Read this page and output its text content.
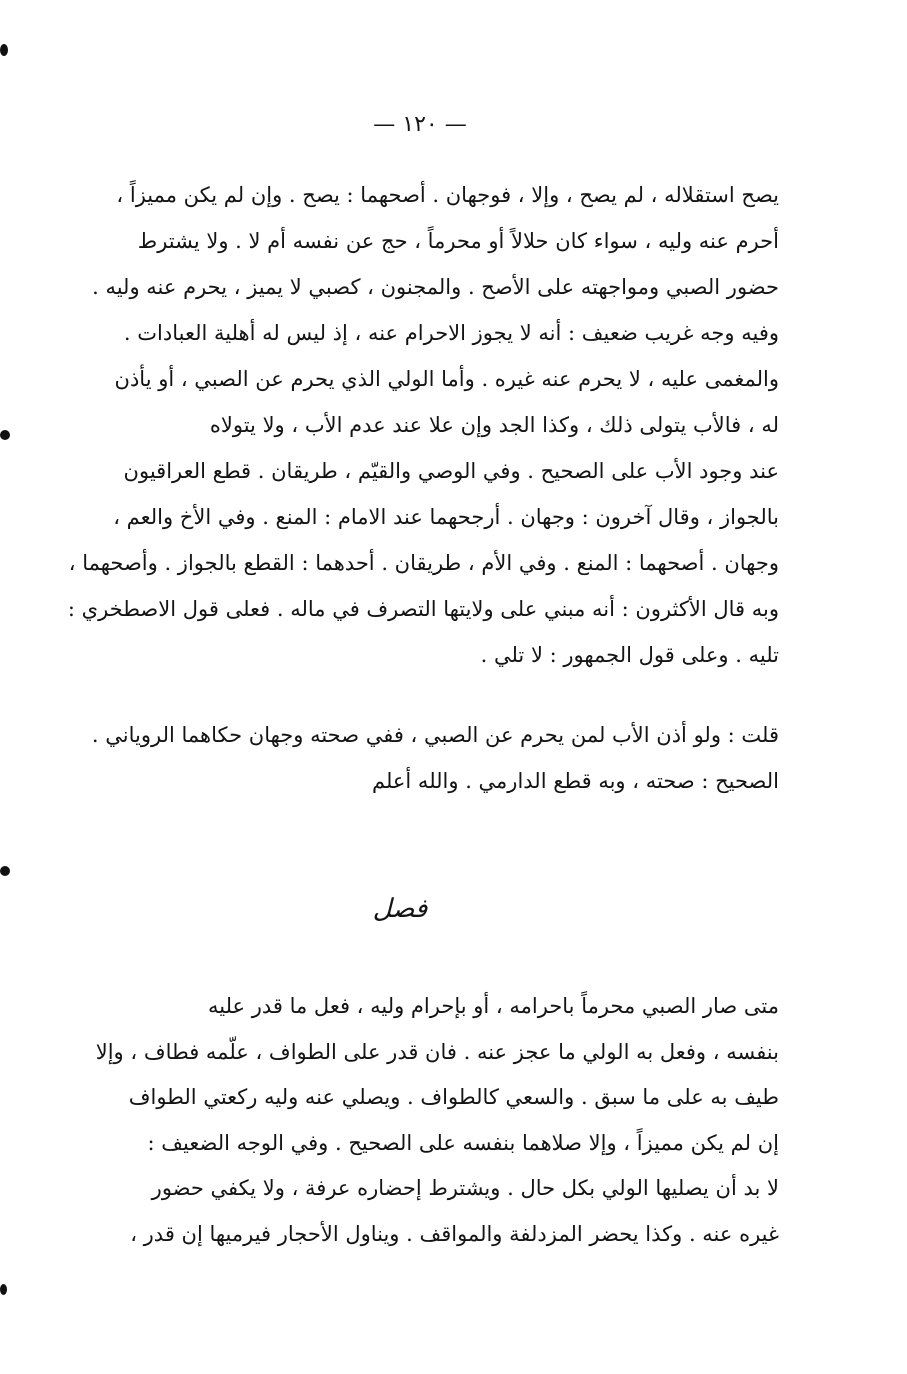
— ١٢٠ —
يصح استقلاله ، لم يصح ، وإلا ، فوجهان . أصحهما : يصح . وإن لم يكن مميزاً ،
أحرم عنه وليه ، سواء كان حلالاً أو محرماً ، حج عن نفسه أم لا . ولا يشترط
حضور الصبي ومواجهته على الأصح . والمجنون ، كصبي لا يميز ، يحرم عنه وليه .
وفيه وجه غريب ضعيف : أنه لا يجوز الاحرام عنه ، إذ ليس له أهلية العبادات .
والمغمى عليه ، لا يحرم عنه غيره . وأما الولي الذي يحرم عن الصبي ، أو يأذن
له ، فالأب يتولى ذلك ، وكذا الجد وإن علا عند عدم الأب ، ولا يتولاه
عند وجود الأب على الصحيح . وفي الوصي والقيّم ، طريقان . قطع العراقيون
بالجواز ، وقال آخرون : وجهان . أرجحهما عند الامام : المنع . وفي الأخ والعم ،
وجهان . أصحهما : المنع . وفي الأم ، طريقان . أحدهما : القطع بالجواز . وأصحهما ،
وبه قال الأكثرون : أنه مبني على ولايتها التصرف في ماله . فعلى قول الاصطخري :
تليه . وعلى قول الجمهور : لا تلي .
قلت : ولو أذن الأب لمن يحرم عن الصبي ، ففي صحته وجهان حكاهما الروياني .
الصحيح : صحته ، وبه قطع الدارمي . والله أعلم
فصل
متى صار الصبي محرماً باحرامه ، أو بإحرام وليه ، فعل ما قدر عليه
بنفسه ، وفعل به الولي ما عجز عنه . فان قدر على الطواف ، علّمه فطاف ، وإلا
طيف به على ما سبق . والسعي كالطواف . ويصلي عنه وليه ركعتي الطواف
إن لم يكن مميزاً ، وإلا صلاهما بنفسه على الصحيح . وفي الوجه الضعيف :
لا بد أن يصليها الولي بكل حال . ويشترط إحضاره عرفة ، ولا يكفي حضور
غيره عنه . وكذا يحضر المزدلفة والمواقف . ويناول الأحجار فيرميها إن قدر ،
